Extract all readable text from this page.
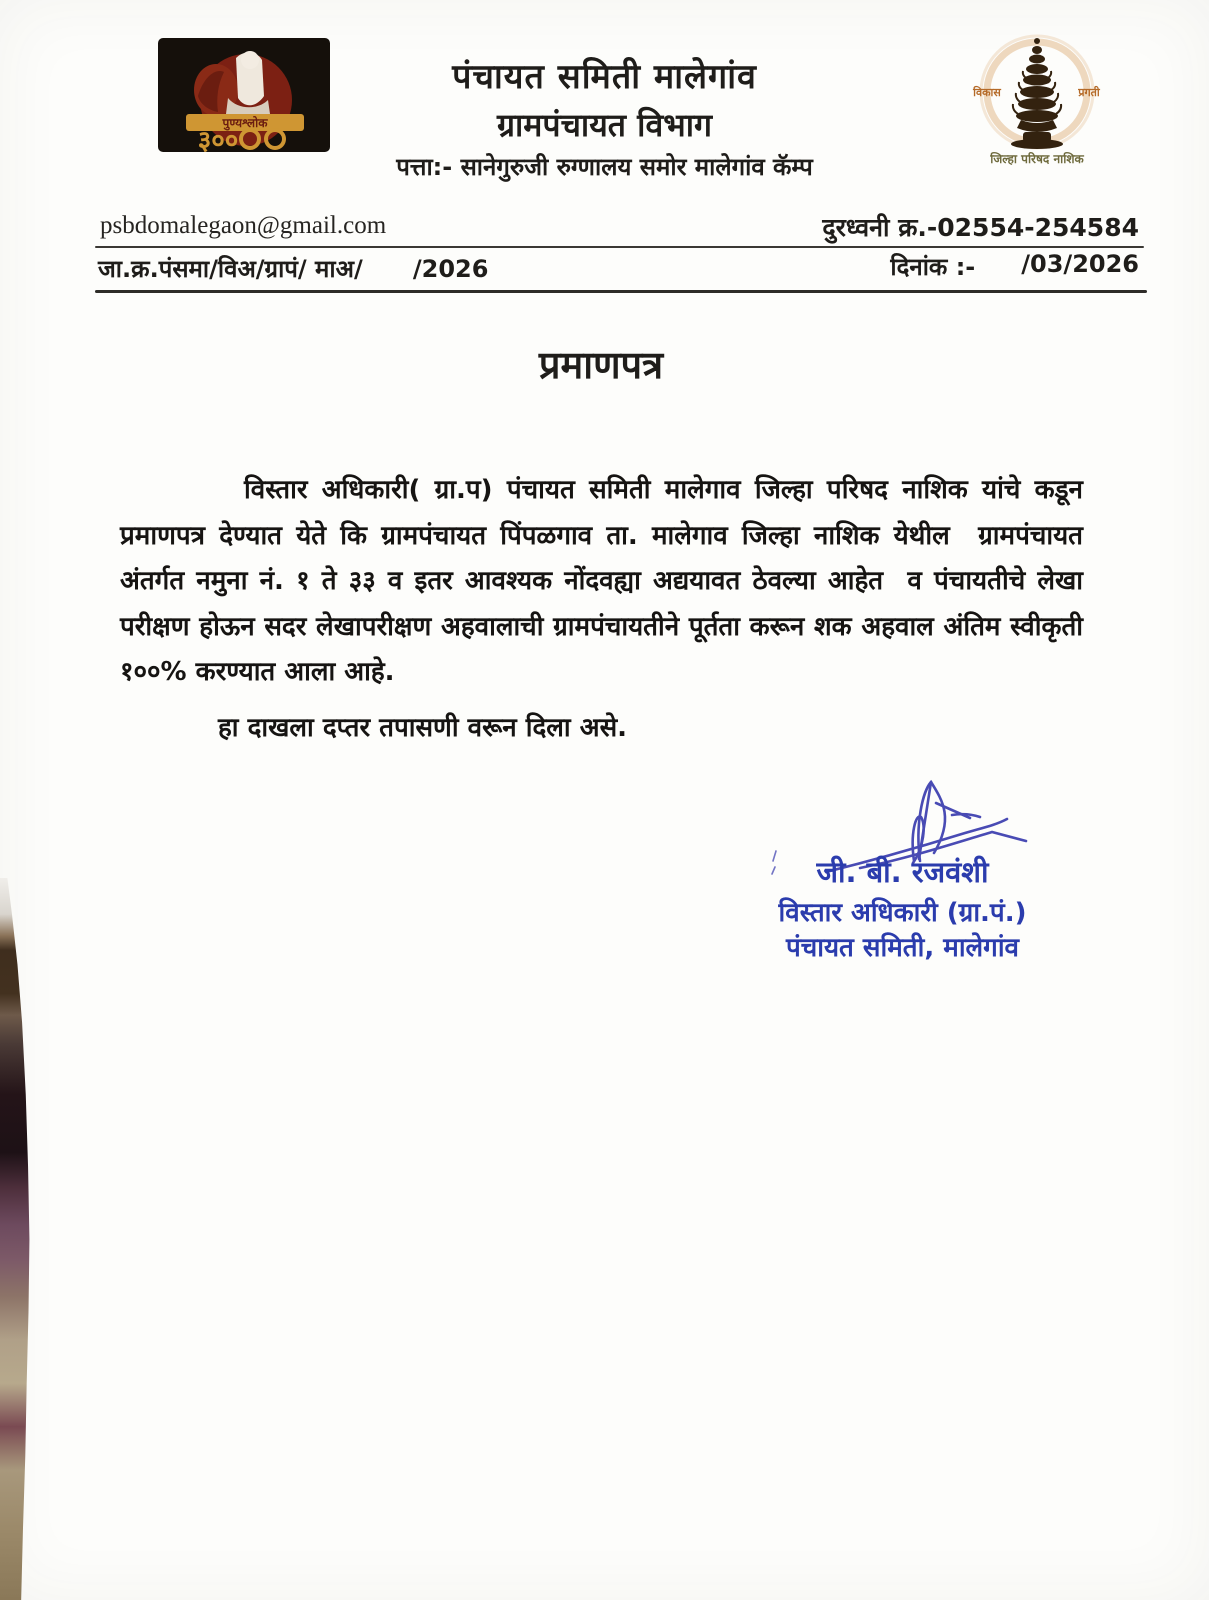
पुण्यश्लोक
३००
पंचायत समिती मालेगांव
ग्रामपंचायत विभाग
पत्ता:- सानेगुरुजी रुग्णालय समोर मालेगांव कॅम्प
विकास	प्रगती
जिल्हा परिषद नाशिक
psbdomalegaon@gmail.com	दुरध्वनी क्र.-02554-254584
जा.क्र.पंसमा/विअ/ग्रापं/ माअ/      /2026	दिनांक :- /03/2026
प्रमाणपत्र
विस्तार अधिकारी( ग्रा.प) पंचायत समिती मालेगाव जिल्हा परिषद नाशिक यांचे कडून प्रमाणपत्र देण्यात येते कि ग्रामपंचायत पिंपळगाव ता. मालेगाव जिल्हा नाशिक येथील  ग्रामपंचायत अंतर्गत नमुना नं. १ ते ३३ व इतर आवश्यक नोंदवह्या अद्ययावत ठेवल्या आहेत  व पंचायतीचे लेखा परीक्षण होऊन सदर लेखापरीक्षण अहवालाची ग्रामपंचायतीने पूर्तता करून शक अहवाल अंतिम स्वीकृती १००% करण्यात आला आहे.
हा दाखला दप्तर तपासणी वरून दिला असे.
जी. बी. रजवंशी
विस्तार अधिकारी (ग्रा.पं.)
पंचायत समिती, मालेगांव
